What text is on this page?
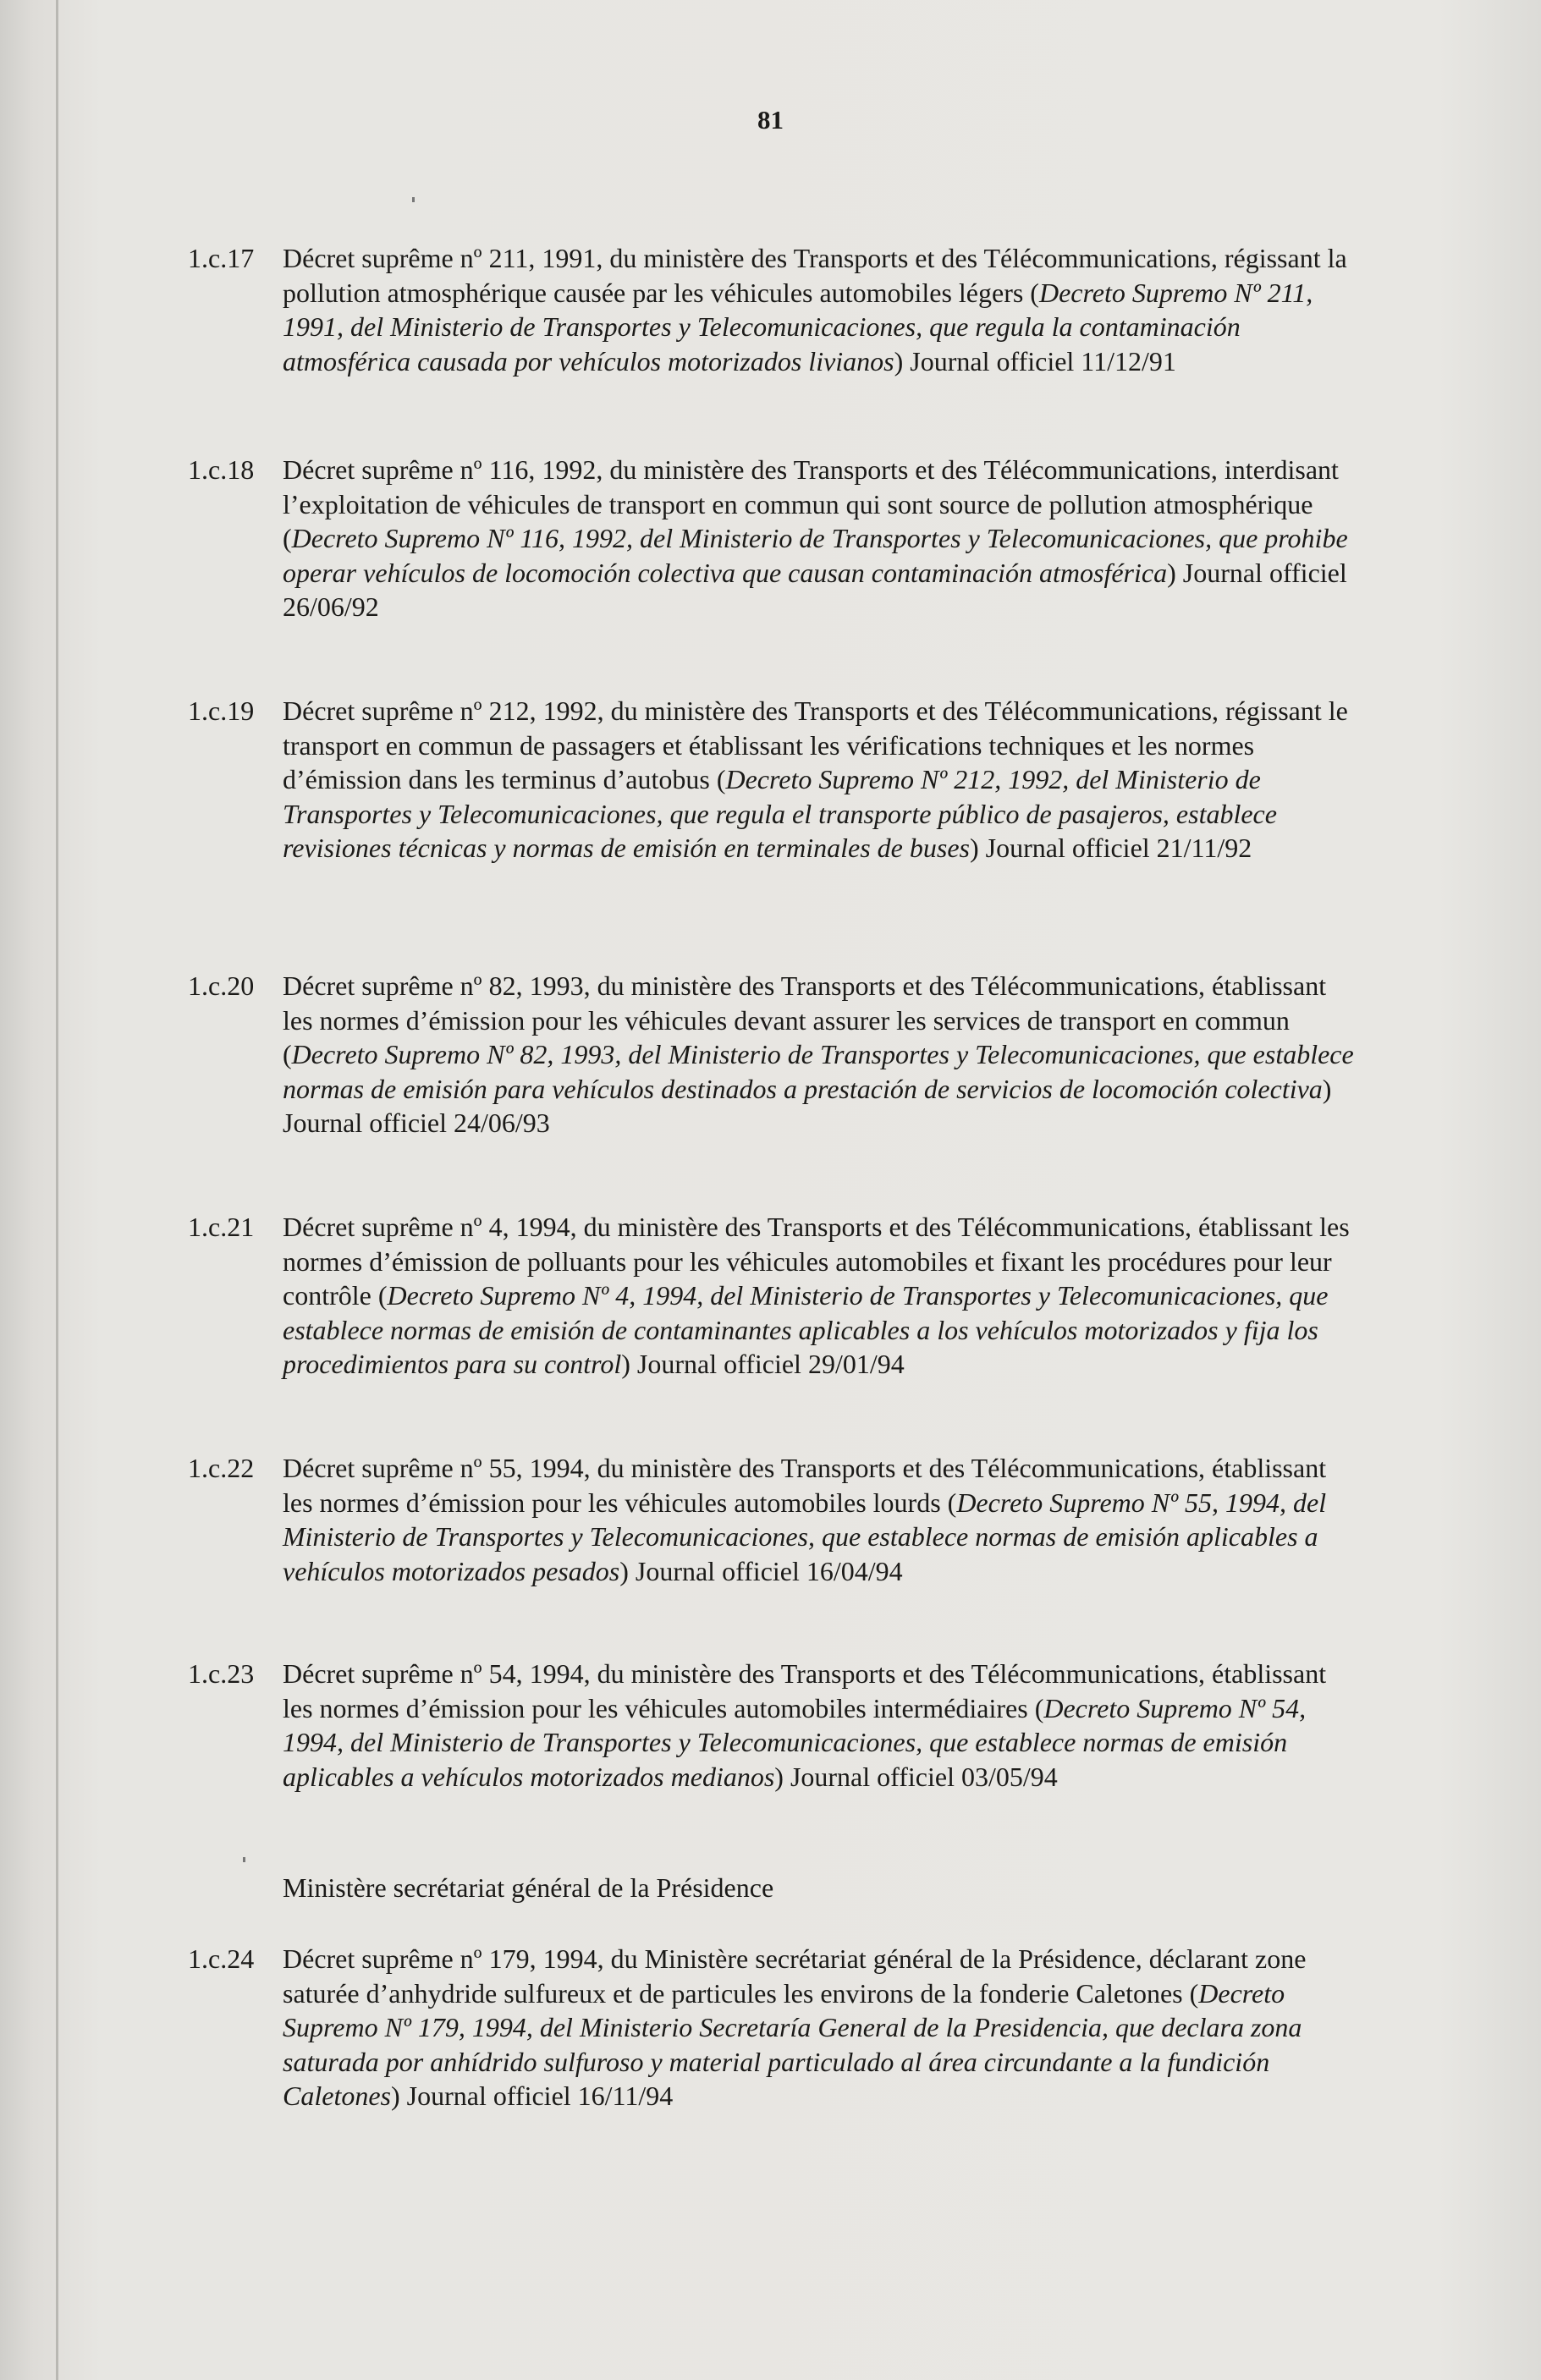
81
1.c.17	Décret suprême nº 211, 1991, du ministère des Transports et des Télécommunications, régissant la pollution atmosphérique causée par les véhicules automobiles légers (Decreto Supremo Nº 211, 1991, del Ministerio de Transportes y Telecomunicaciones, que regula la contaminación atmosférica causada por vehículos motorizados livianos) Journal officiel 11/12/91
1.c.18	Décret suprême nº 116, 1992, du ministère des Transports et des Télécommunications, interdisant l’exploitation de véhicules de transport en commun qui sont source de pollution atmosphérique (Decreto Supremo Nº 116, 1992, del Ministerio de Transportes y Telecomunicaciones, que prohibe operar vehículos de locomoción colectiva que causan contaminación atmosférica) Journal officiel 26/06/92
1.c.19	Décret suprême nº 212, 1992, du ministère des Transports et des Télécommunications, régissant le transport en commun de passagers et établissant les vérifications techniques et les normes d’émission dans les terminus d’autobus (Decreto Supremo Nº 212, 1992, del Ministerio de Transportes y Telecomunicaciones, que regula el transporte público de pasajeros, establece revisiones técnicas y normas de emisión en terminales de buses) Journal officiel 21/11/92
1.c.20	Décret suprême nº 82, 1993, du ministère des Transports et des Télécommunications, établissant les normes d’émission pour les véhicules devant assurer les services de transport en commun (Decreto Supremo Nº 82, 1993, del Ministerio de Transportes y Telecomunicaciones, que establece normas de emisión para vehículos destinados a prestación de servicios de locomoción colectiva) Journal officiel 24/06/93
1.c.21	Décret suprême nº 4, 1994, du ministère des Transports et des Télécommunications, établissant les normes d’émission de polluants pour les véhicules automobiles et fixant les procédures pour leur contrôle (Decreto Supremo Nº 4, 1994, del Ministerio de Transportes y Telecomunicaciones, que establece normas de emisión de contaminantes aplicables a los vehículos motorizados y fija los procedimientos para su control) Journal officiel 29/01/94
1.c.22	Décret suprême nº 55, 1994, du ministère des Transports et des Télécommunications, établissant les normes d’émission pour les véhicules automobiles lourds (Decreto Supremo Nº 55, 1994, del Ministerio de Transportes y Telecomunicaciones, que establece normas de emisión aplicables a vehículos motorizados pesados) Journal officiel 16/04/94
1.c.23	Décret suprême nº 54, 1994, du ministère des Transports et des Télécommunications, établissant les normes d’émission pour les véhicules automobiles intermédiaires (Decreto Supremo Nº 54, 1994, del Ministerio de Transportes y Telecomunicaciones, que establece normas de emisión aplicables a vehículos motorizados medianos) Journal officiel 03/05/94
Ministère secrétariat général de la Présidence
1.c.24	Décret suprême nº 179, 1994, du Ministère secrétariat général de la Présidence, déclarant zone saturée d’anhydride sulfureux et de particules les environs de la fonderie Caletones (Decreto Supremo Nº 179, 1994, del Ministerio Secretaría General de la Presidencia, que declara zona saturada por anhídrido sulfuroso y material particulado al área circundante a la fundición Caletones) Journal officiel 16/11/94
